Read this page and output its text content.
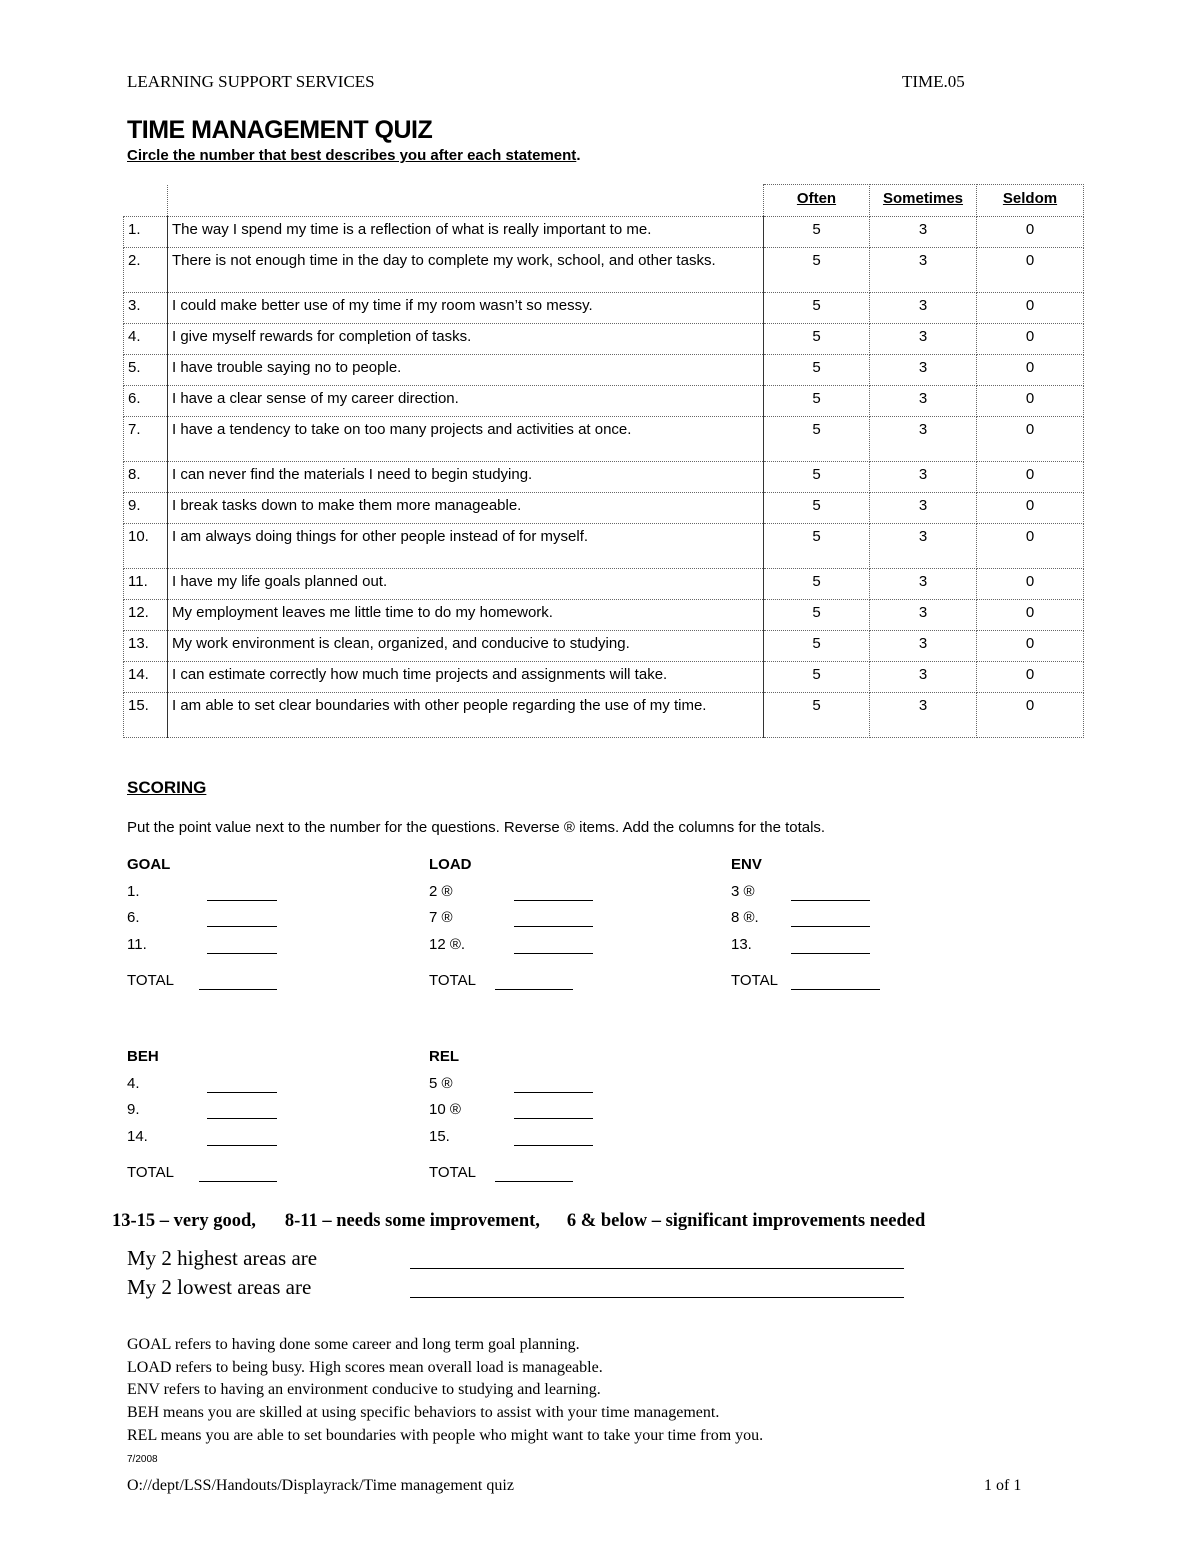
LEARNING SUPPORT SERVICES	TIME.05
TIME MANAGEMENT QUIZ
Circle the number that best describes you after each statement.
		Often	Sometimes	Seldom
1.	The way I spend my time is a reflection of what is really important to me.	5	3	0
2.	There is not enough time in the day to complete my work, school, and other tasks.	5	3	0
3.	I could make better use of my time if my room wasn’t so messy.	5	3	0
4.	I give myself rewards for completion of tasks.	5	3	0
5.	I have trouble saying no to people.	5	3	0
6.	I have a clear sense of my career direction.	5	3	0
7.	I have a tendency to take on too many projects and activities at once.	5	3	0
8.	I can never find the materials I need to begin studying.	5	3	0
9.	I break tasks down to make them more manageable.	5	3	0
10.	I am always doing things for other people instead of for myself.	5	3	0
11.	I have my life goals planned out.	5	3	0
12.	My employment leaves me little time to do my homework.	5	3	0
13.	My work environment is clean, organized, and conducive to studying.	5	3	0
14.	I can estimate correctly how much time projects and assignments will take.	5	3	0
15.	I am able to set clear boundaries with other people regarding the use of my time.	5	3	0
SCORING
Put the point value next to the number for the questions. Reverse ® items. Add the columns for the totals.
GOAL
1.
6.
11.
TOTAL
LOAD
2 ®
7 ®
12 ®.
TOTAL
ENV
3 ®
8 ®.
13.
TOTAL
BEH
4.
9.
14.
TOTAL
REL
5 ®
10 ®
15.
TOTAL
13-15 – very good, 8-11 – needs some improvement, 6 & below – significant improvements needed
My 2 highest areas are
My 2 lowest areas are
GOAL refers to having done some career and long term goal planning.
LOAD refers to being busy. High scores mean overall load is manageable.
ENV refers to having an environment conducive to studying and learning.
BEH means you are skilled at using specific behaviors to assist with your time management.
REL means you are able to set boundaries with people who might want to take your time from you.
7/2008
O://dept/LSS/Handouts/Displayrack/Time management quiz	1 of 1
